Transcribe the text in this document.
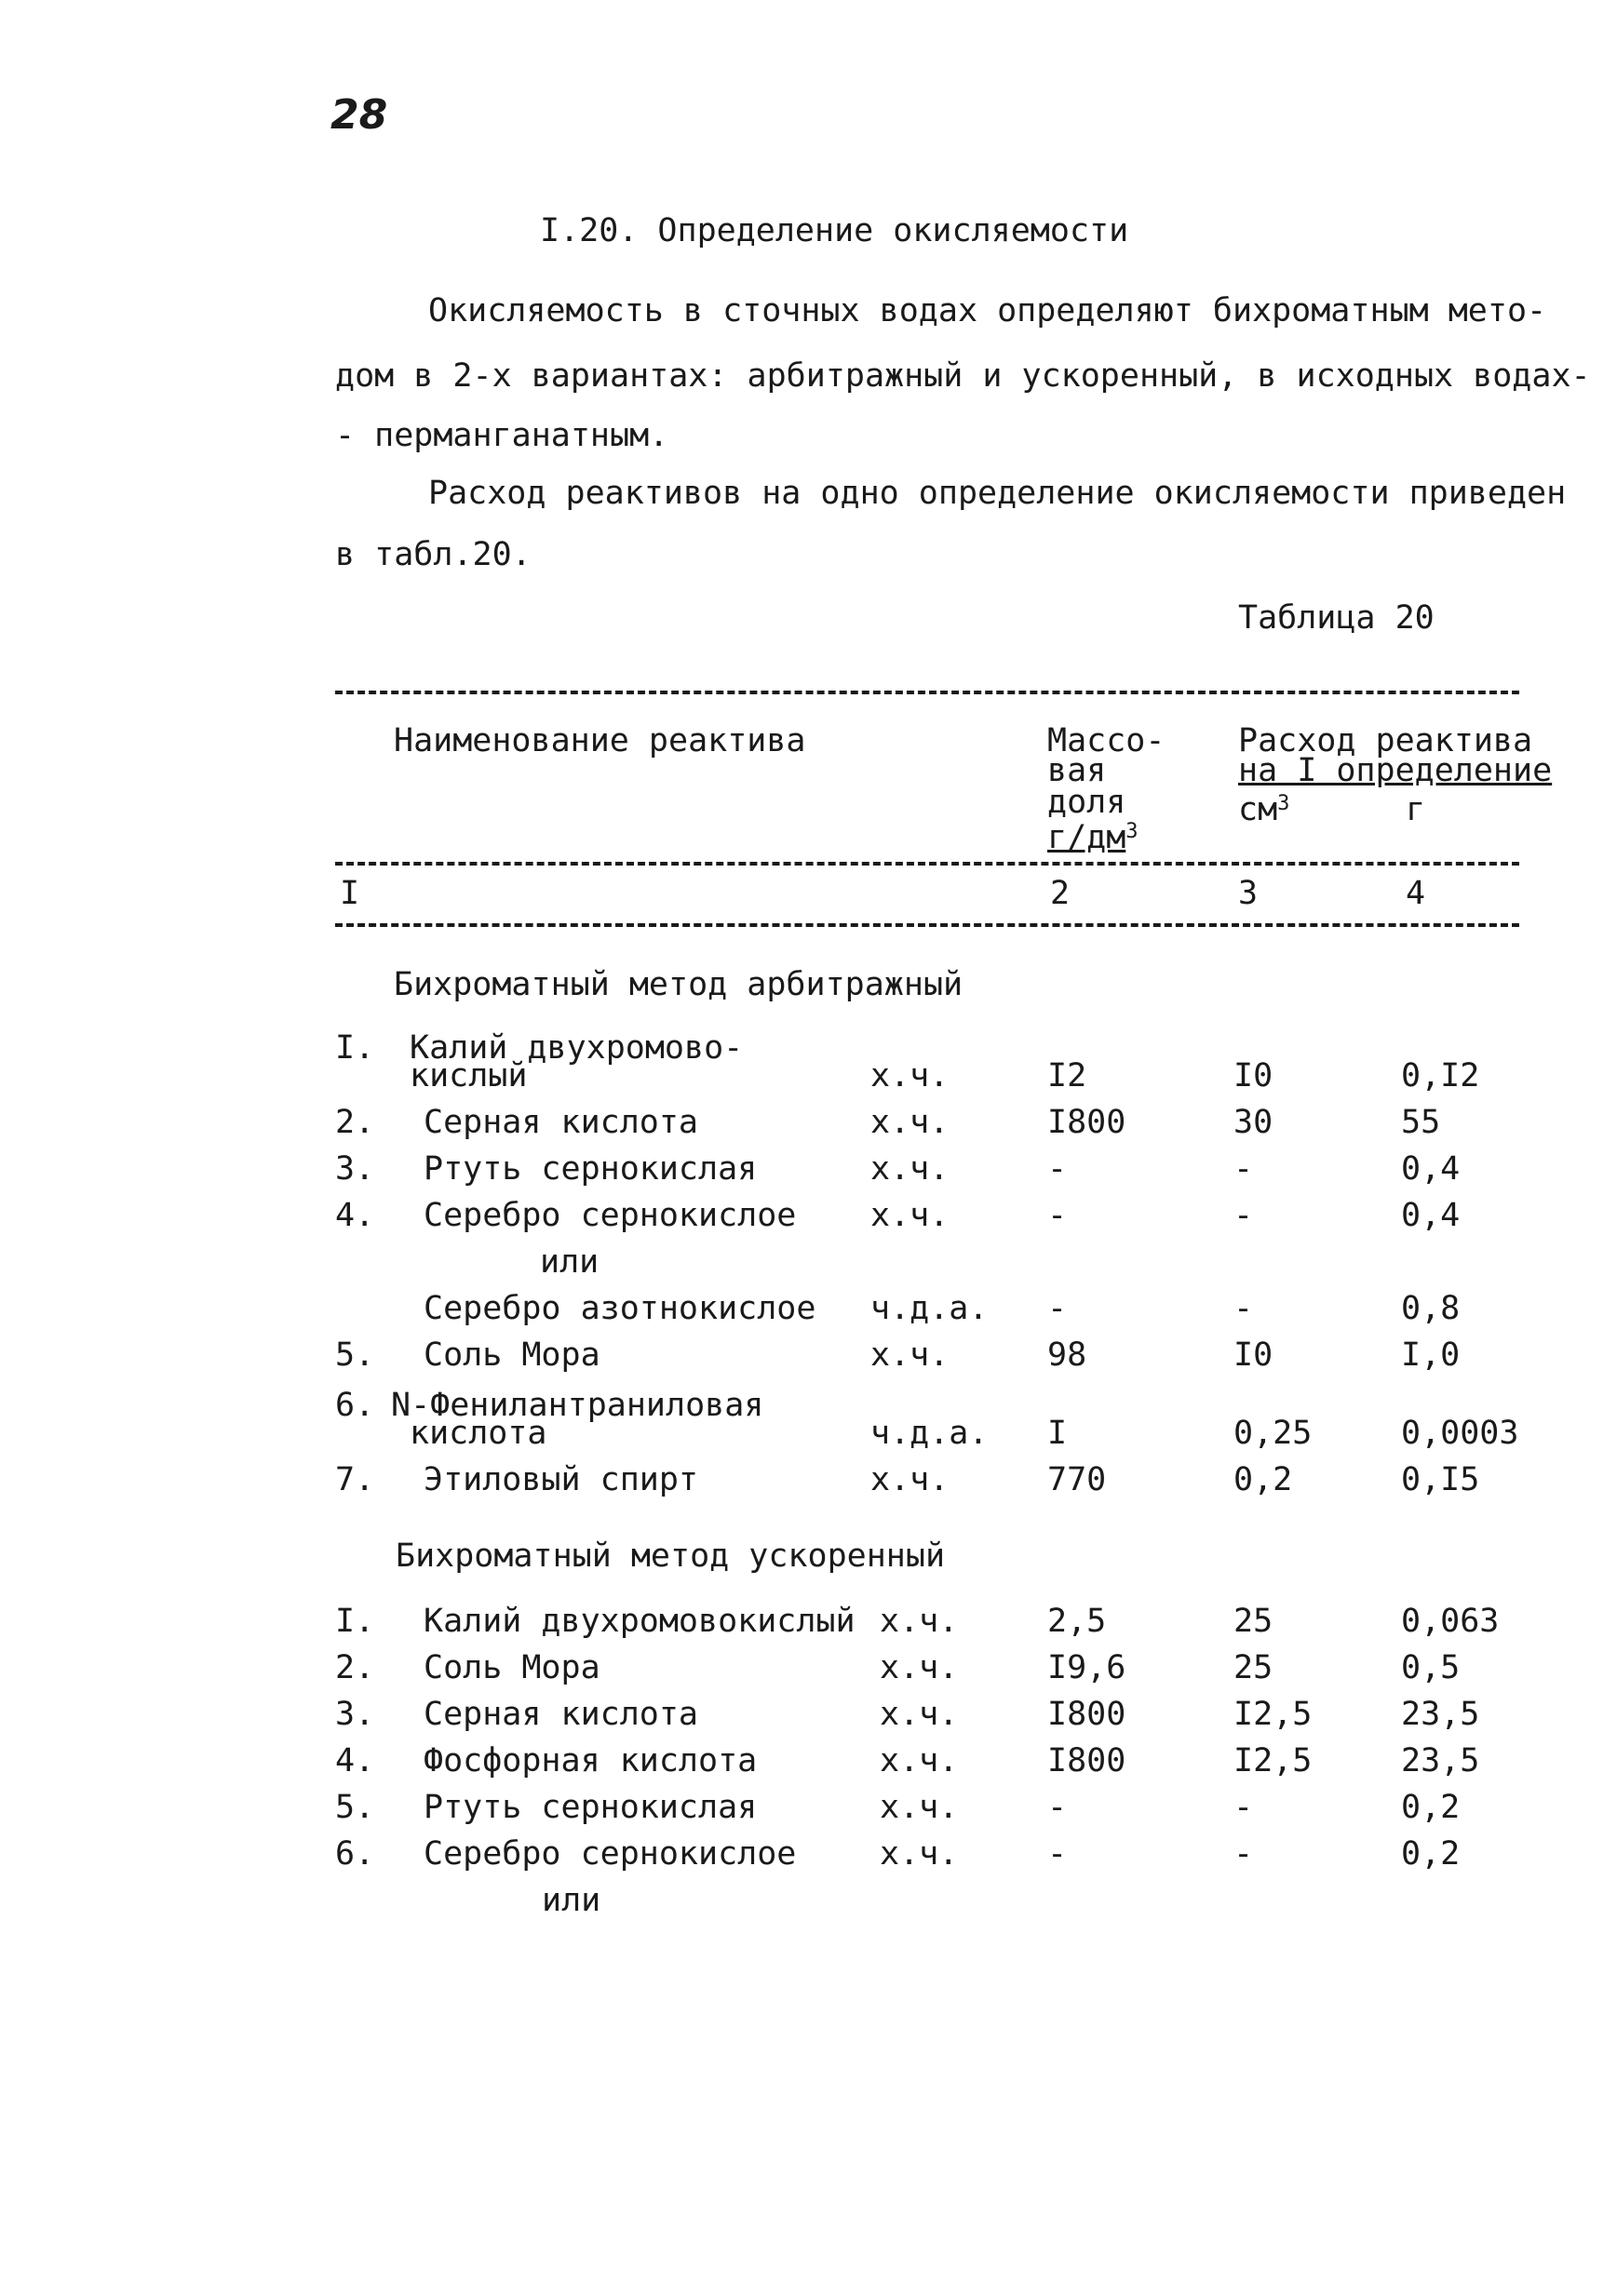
28
I.20. Определение окисляемости
Окисляемость в сточных водах определяют бихроматным мето-
дом в 2-х вариантах: арбитражный и ускоренный, в исходных водах-
- перманганатным.
Расход реактивов на одно определение окисляемости приведен
в табл.20.
Таблица 20
Наименование реактива	Массо-
вая
доля
$г/дм^3$
Расход реактива
на I определение
$см^3$	г
I	2	3	4
Бихроматный метод арбитражный
I. Калий двухромово-
кислый	х.ч.	I2	I0	0,I2
2. Серная кислота	х.ч.	I800	30	55
3. Ртуть сернокислая	х.ч.	-	-	0,4
4. Серебро сернокислое х.ч.	-	-	0,4
или
Серебро азотнокислое ч.д.а. -	-	0,8
5. Соль Мора	х.ч.	98	I0	I,0
6. N-Фенилантраниловая
кислота	ч.д.а. I	0,25	0,0003
7. Этиловый спирт	х.ч.	770	0,2	0,I5
Бихроматный метод ускоренный
I. Калий двухромовокислый х.ч.	2,5	25	0,063
2. Соль Мора	х.ч.	I9,6	25	0,5
3. Серная кислота	х.ч.	I800	I2,5	23,5
4. Фосфорная кислота	х.ч.	I800	I2,5	23,5
5. Ртуть сернокислая	х.ч.	-	-	0,2
6. Серебро сернокислое	х.ч.	-	-	0,2
или
